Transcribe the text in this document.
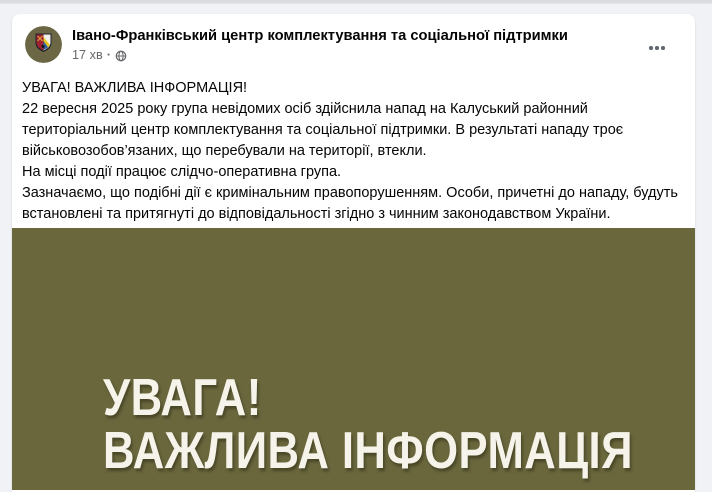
Івано-Франківський центр комплектування та соціальної підтримки
17 хв ·

УВАГА! ВАЖЛИВА ІНФОРМАЦІЯ!

22 вересня 2025 року група невідомих осіб здійснила напад на Калуський районний територіальний центр комплектування та соціальної підтримки. В результаті нападу троє військовозобов’язаних, що перебували на території, втекли.

На місці події працює слідчо-оперативна група.

Зазначаємо, що подібні дії є кримінальним правопорушенням. Особи, причетні до нападу, будуть встановлені та притягнуті до відповідальності згідно з чинним законодавством України.

УВАГА!
ВАЖЛИВА ІНФОРМАЦІЯ
